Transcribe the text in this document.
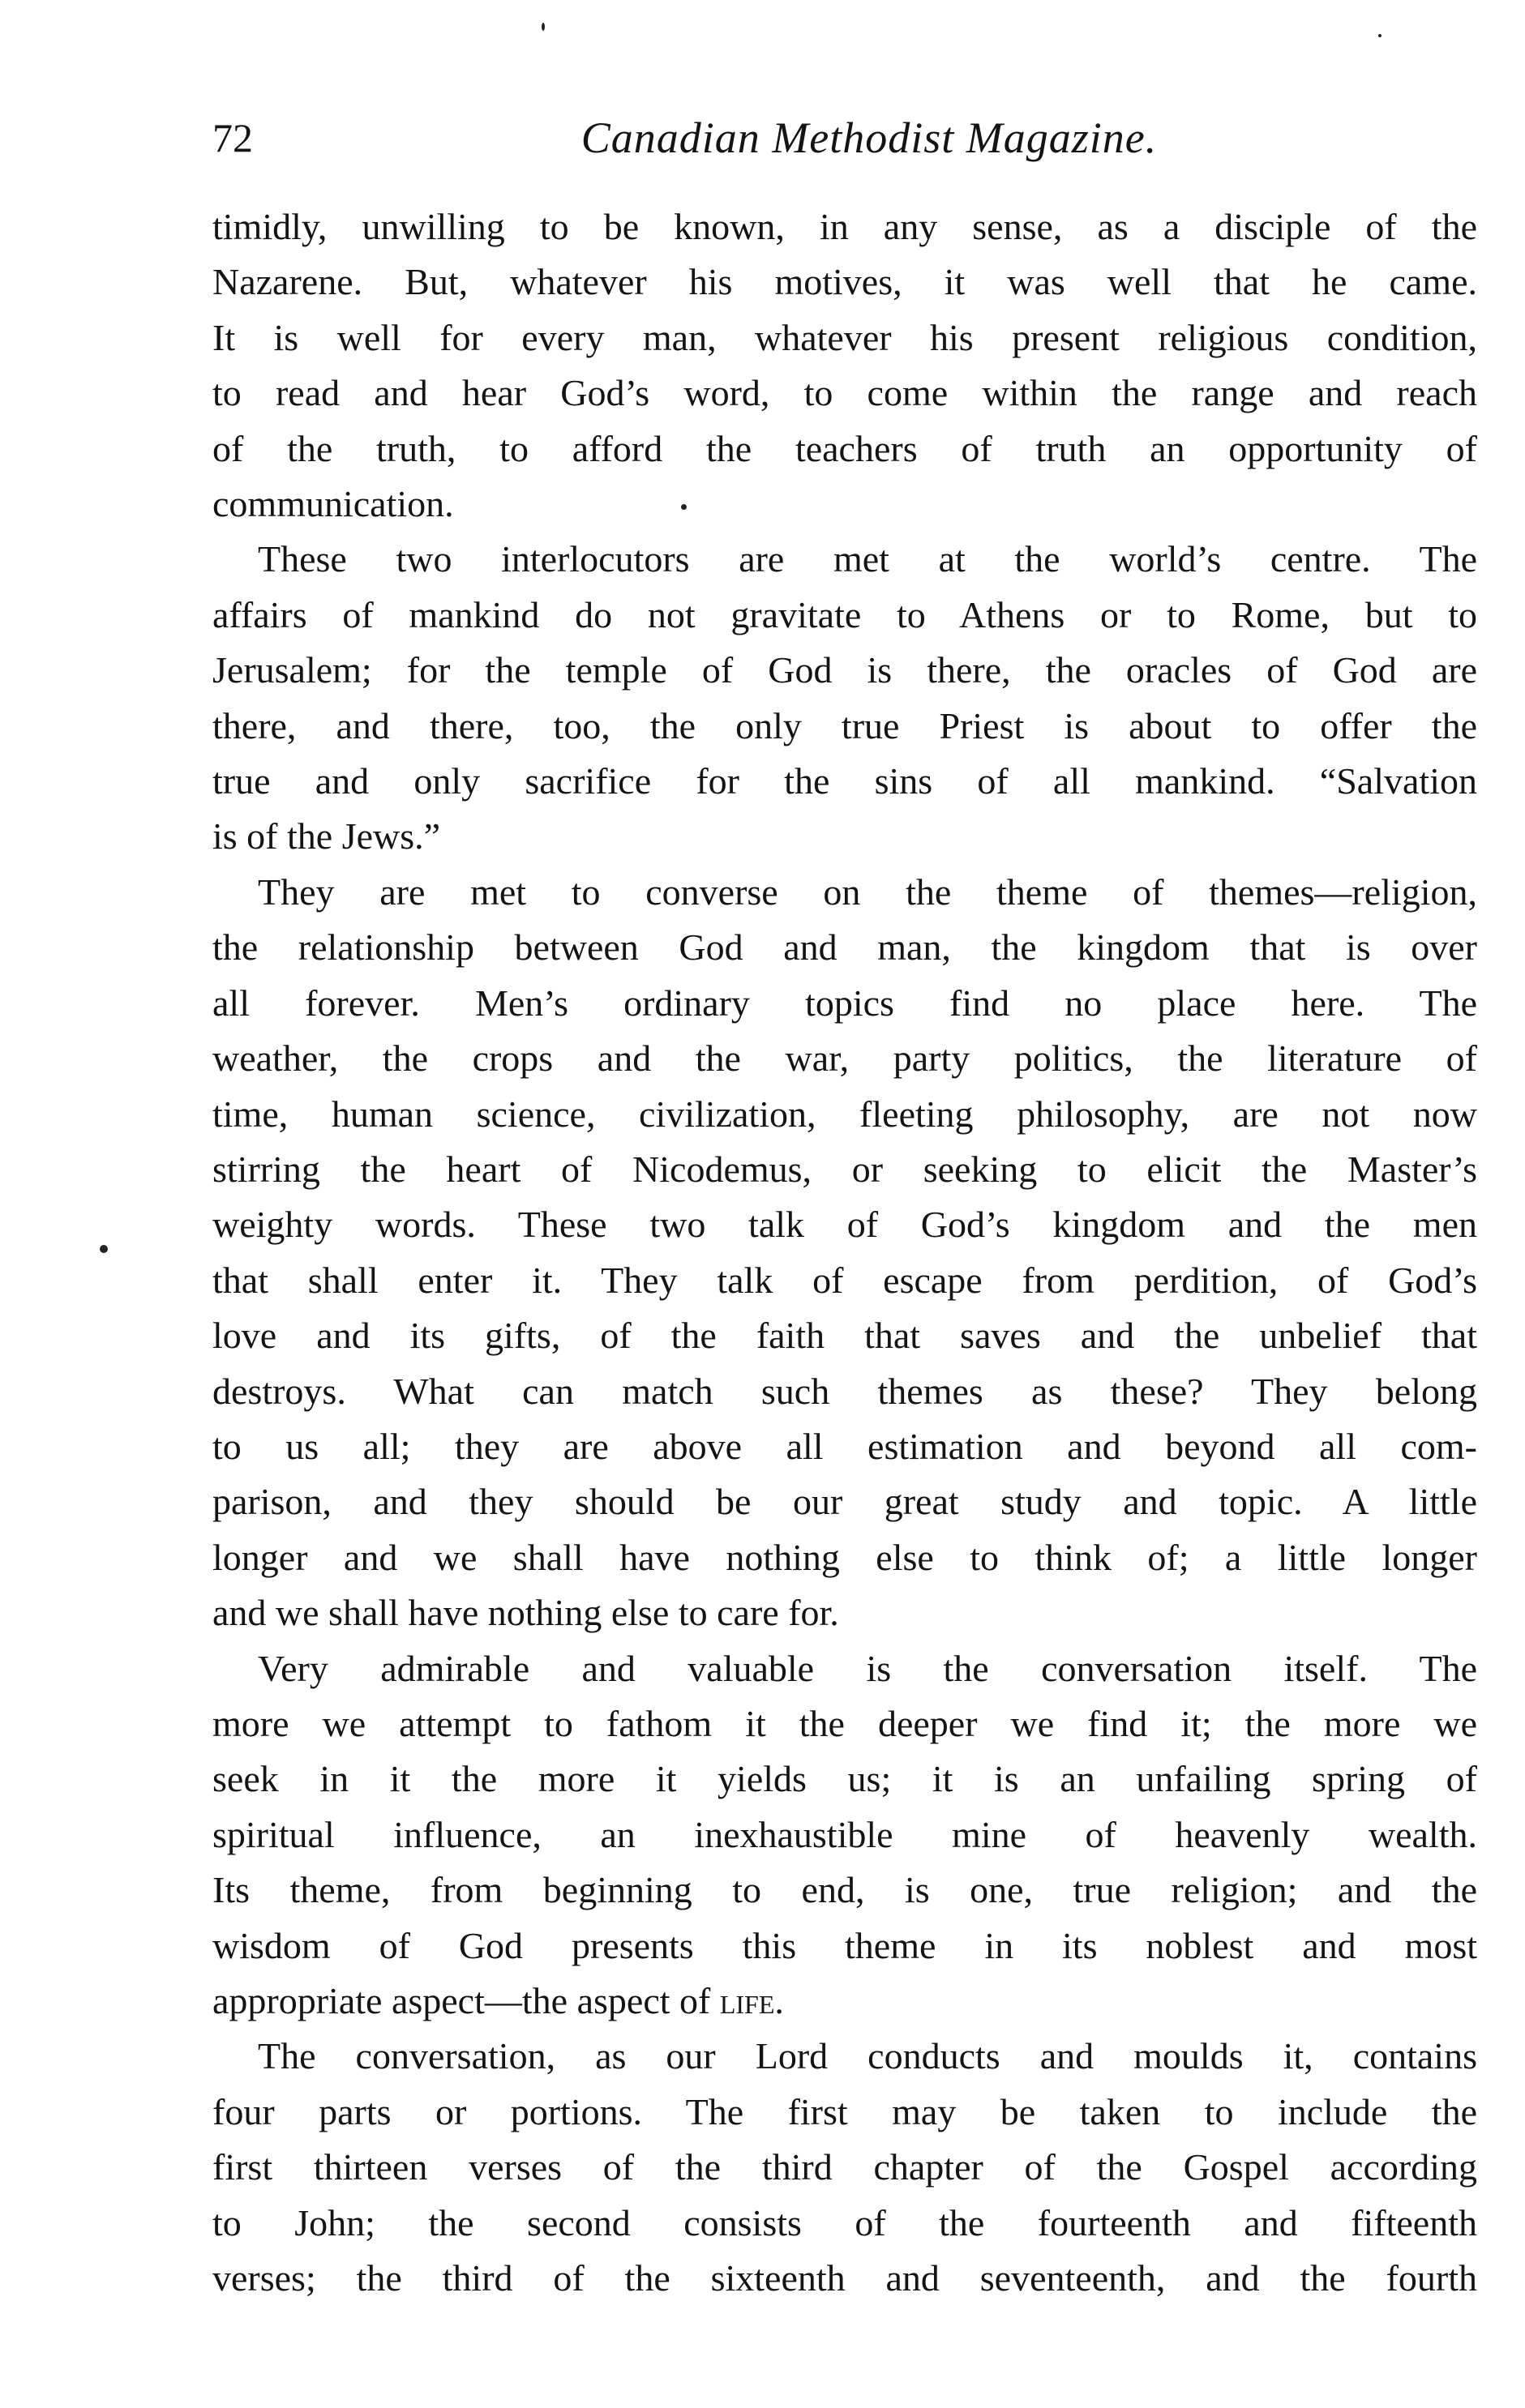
72	Canadian Methodist Magazine.

timidly, unwilling to be known, in any sense, as a disciple of the
Nazarene. But, whatever his motives, it was well that he came.
It is well for every man, whatever his present religious condition,
to read and hear God’s word, to come within the range and reach
of the truth, to afford the teachers of truth an opportunity of
communication.

These two interlocutors are met at the world’s centre. The
affairs of mankind do not gravitate to Athens or to Rome, but to
Jerusalem; for the temple of God is there, the oracles of God are
there, and there, too, the only true Priest is about to offer the
true and only sacrifice for the sins of all mankind. “Salvation
is of the Jews.”

They are met to converse on the theme of themes—religion,
the relationship between God and man, the kingdom that is over
all forever. Men’s ordinary topics find no place here. The
weather, the crops and the war, party politics, the literature of
time, human science, civilization, fleeting philosophy, are not now
stirring the heart of Nicodemus, or seeking to elicit the Master’s
weighty words. These two talk of God’s kingdom and the men
that shall enter it. They talk of escape from perdition, of God’s
love and its gifts, of the faith that saves and the unbelief that
destroys. What can match such themes as these? They belong
to us all; they are above all estimation and beyond all com-
parison, and they should be our great study and topic. A little
longer and we shall have nothing else to think of; a little longer
and we shall have nothing else to care for.

Very admirable and valuable is the conversation itself. The
more we attempt to fathom it the deeper we find it; the more we
seek in it the more it yields us; it is an unfailing spring of
spiritual influence, an inexhaustible mine of heavenly wealth.
Its theme, from beginning to end, is one, true religion; and the
wisdom of God presents this theme in its noblest and most
appropriate aspect—the aspect of life.

The conversation, as our Lord conducts and moulds it, contains
four parts or portions. The first may be taken to include the
first thirteen verses of the third chapter of the Gospel according
to John; the second consists of the fourteenth and fifteenth
verses; the third of the sixteenth and seventeenth, and the fourth
